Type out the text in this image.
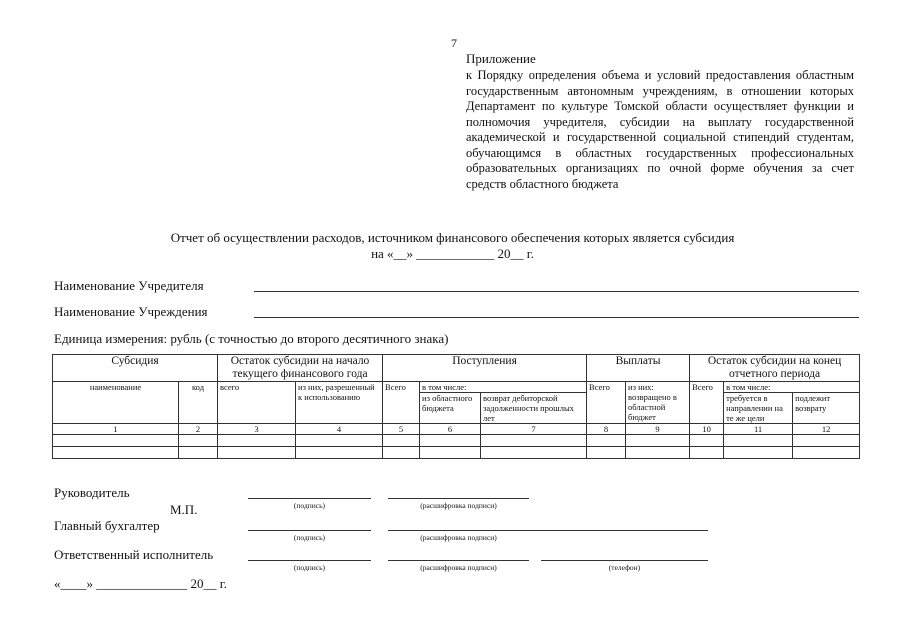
7
Приложение
к Порядку определения объема и условий предоставления областным государственным автономным учреждениям, в отношении которых Департамент по культуре Томской области осуществляет функции и полномочия учредителя, субсидии на выплату государственной академической и государственной социальной стипендий студентам, обучающимся в областных государственных профессиональных образовательных организациях по очной форме обучения за счет средств областного бюджета
Отчет об осуществлении расходов, источником финансового обеспечения которых является субсидия
на «__» ____________ 20__ г.
Наименование Учредителя
Наименование Учреждения
Единица измерения: рубль (с точностью до второго десятичного знака)
Субсидия		Остаток субсидии на начало текущего финансового года		Поступления			Выплаты		Остаток субсидии на конец отчетного периода		
наименование	код	всего	из них, разрешенный к использованию	Всего	в том числе:		Всего	из них: возвращено в областной бюджет	Всего	в том числе:	
					из областного бюджета	возврат дебиторской задолженности прошлых лет				требуется в направлении на те же цели	подлежит возврату
1	2	3	4	5	6	7	8	9	10	11	12

Руководитель
М.П.	(подпись)	(расшифровка подписи)
Главный бухгалтер
(подпись)	(расшифровка подписи)
Ответственный исполнитель
(подпись)	(расшифровка подписи)	(телефон)
«____» ______________ 20__ г.
